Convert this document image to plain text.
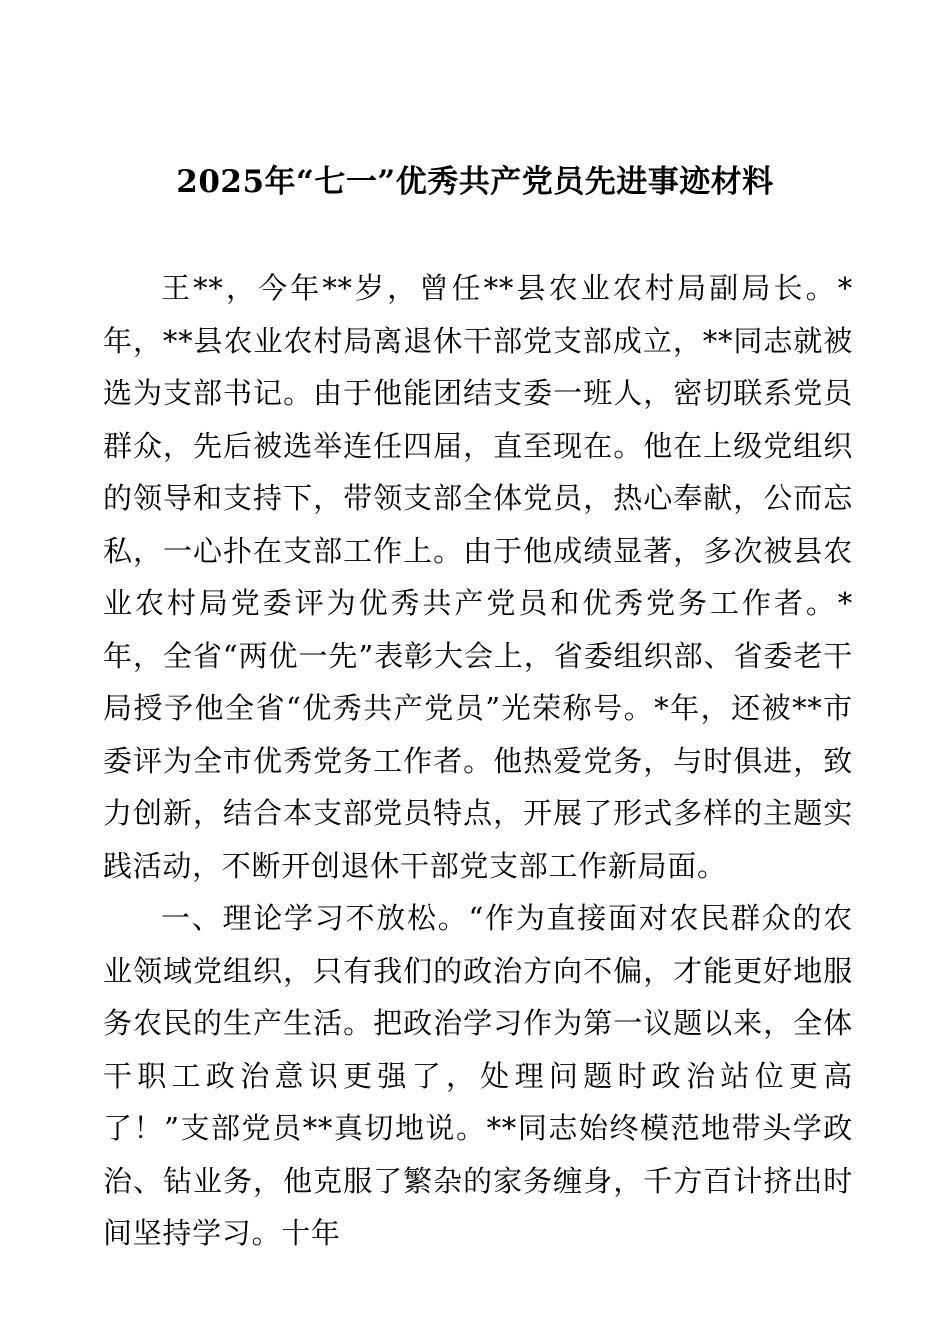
2025年“七一”优秀共产党员先进事迹材料

王**，今年**岁，曾任**县农业农村局副局长。*年，**县农业农村局离退休干部党支部成立，**同志就被选为支部书记。由于他能团结支委一班人，密切联系党员群众，先后被选举连任四届，直至现在。他在上级党组织的领导和支持下，带领支部全体党员，热心奉献，公而忘私，一心扑在支部工作上。由于他成绩显著，多次被县农业农村局党委评为优秀共产党员和优秀党务工作者。*年，全省“两优一先”表彰大会上，省委组织部、省委老干局授予他全省“优秀共产党员”光荣称号。*年，还被**市委评为全市优秀党务工作者。他热爱党务，与时俱进，致力创新，结合本支部党员特点，开展了形式多样的主题实践活动，不断开创退休干部党支部工作新局面。

一、理论学习不放松。“作为直接面对农民群众的农业领域党组织，只有我们的政治方向不偏，才能更好地服务农民的生产生活。把政治学习作为第一议题以来，全体干职工政治意识更强了，处理问题时政治站位更高了！”支部党员**真切地说。**同志始终模范地带头学政治、钻业务，他克服了繁杂的家务缠身，千方百计挤出时间坚持学习。十年
